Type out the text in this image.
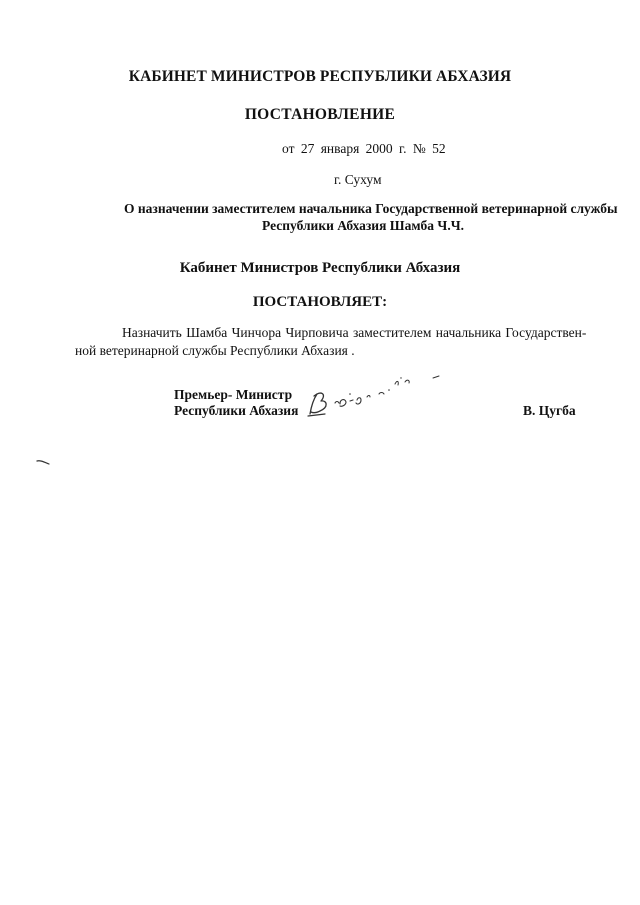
КАБИНЕТ МИНИСТРОВ РЕСПУБЛИКИ АБХАЗИЯ
ПОСТАНОВЛЕНИЕ
от 27 января 2000 г. № 52
г. Сухум
О назначении заместителем начальника Государственной ветеринарной службы
Республики Абхазия Шамба Ч.Ч.
Кабинет Министров Республики Абхазия
ПОСТАНОВЛЯЕТ:
Назначить Шамба Чинчора Чирповича заместителем начальника Государствен-
ной ветеринарной службы Республики Абхазия .
Премьер- Министр
Республики Абхазия	В. Цугба
